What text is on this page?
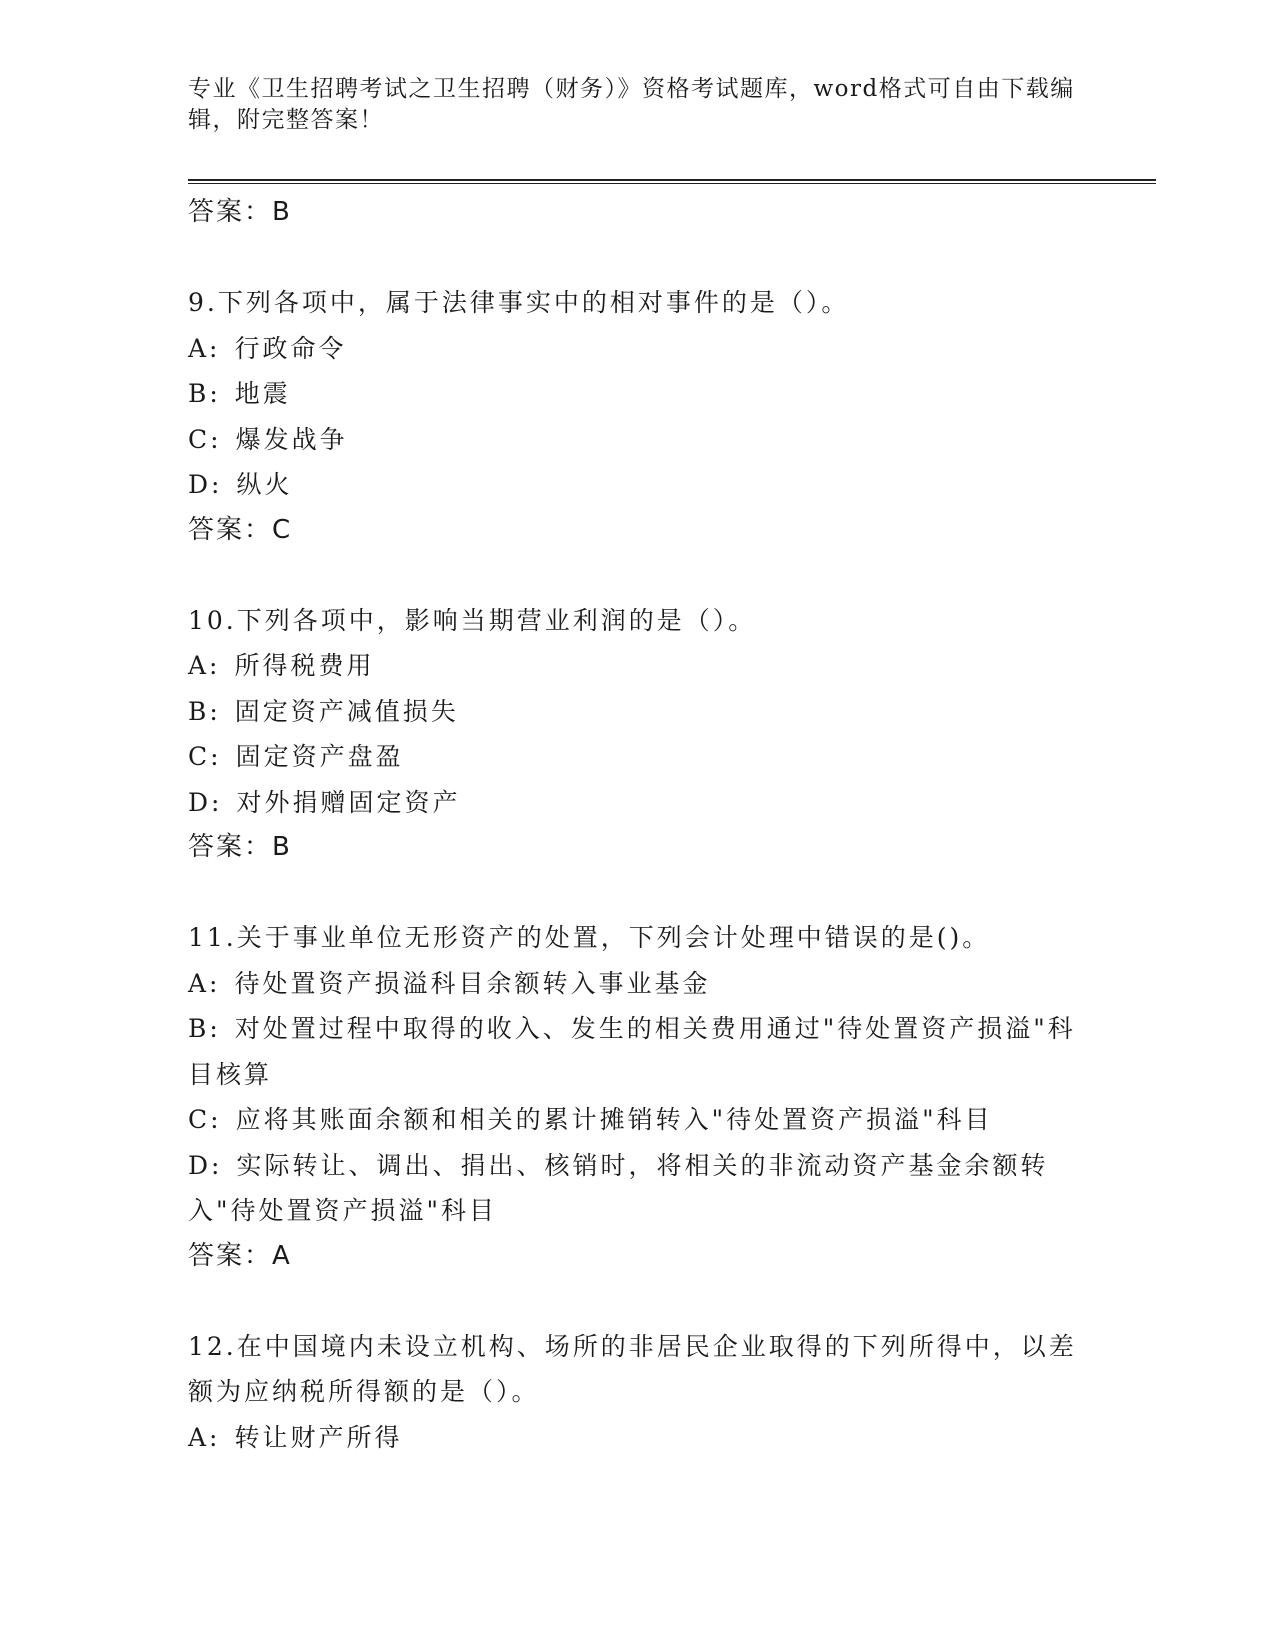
专业《卫生招聘考试之卫生招聘（财务）》资格考试题库，word格式可自由下载编辑，附完整答案！
答案：B
9.下列各项中，属于法律事实中的相对事件的是（）。
A: 行政命令
B: 地震
C: 爆发战争
D: 纵火
答案：C
10.下列各项中，影响当期营业利润的是（）。
A: 所得税费用
B: 固定资产减值损失
C: 固定资产盘盈
D: 对外捐赠固定资产
答案：B
11.关于事业单位无形资产的处置，下列会计处理中错误的是()。
A: 待处置资产损溢科目余额转入事业基金
B: 对处置过程中取得的收入、发生的相关费用通过"待处置资产损溢"科目核算
C: 应将其账面余额和相关的累计摊销转入"待处置资产损溢"科目
D: 实际转让、调出、捐出、核销时，将相关的非流动资产基金余额转入"待处置资产损溢"科目
答案：A
12.在中国境内未设立机构、场所的非居民企业取得的下列所得中，以差额为应纳税所得额的是（）。
A: 转让财产所得
